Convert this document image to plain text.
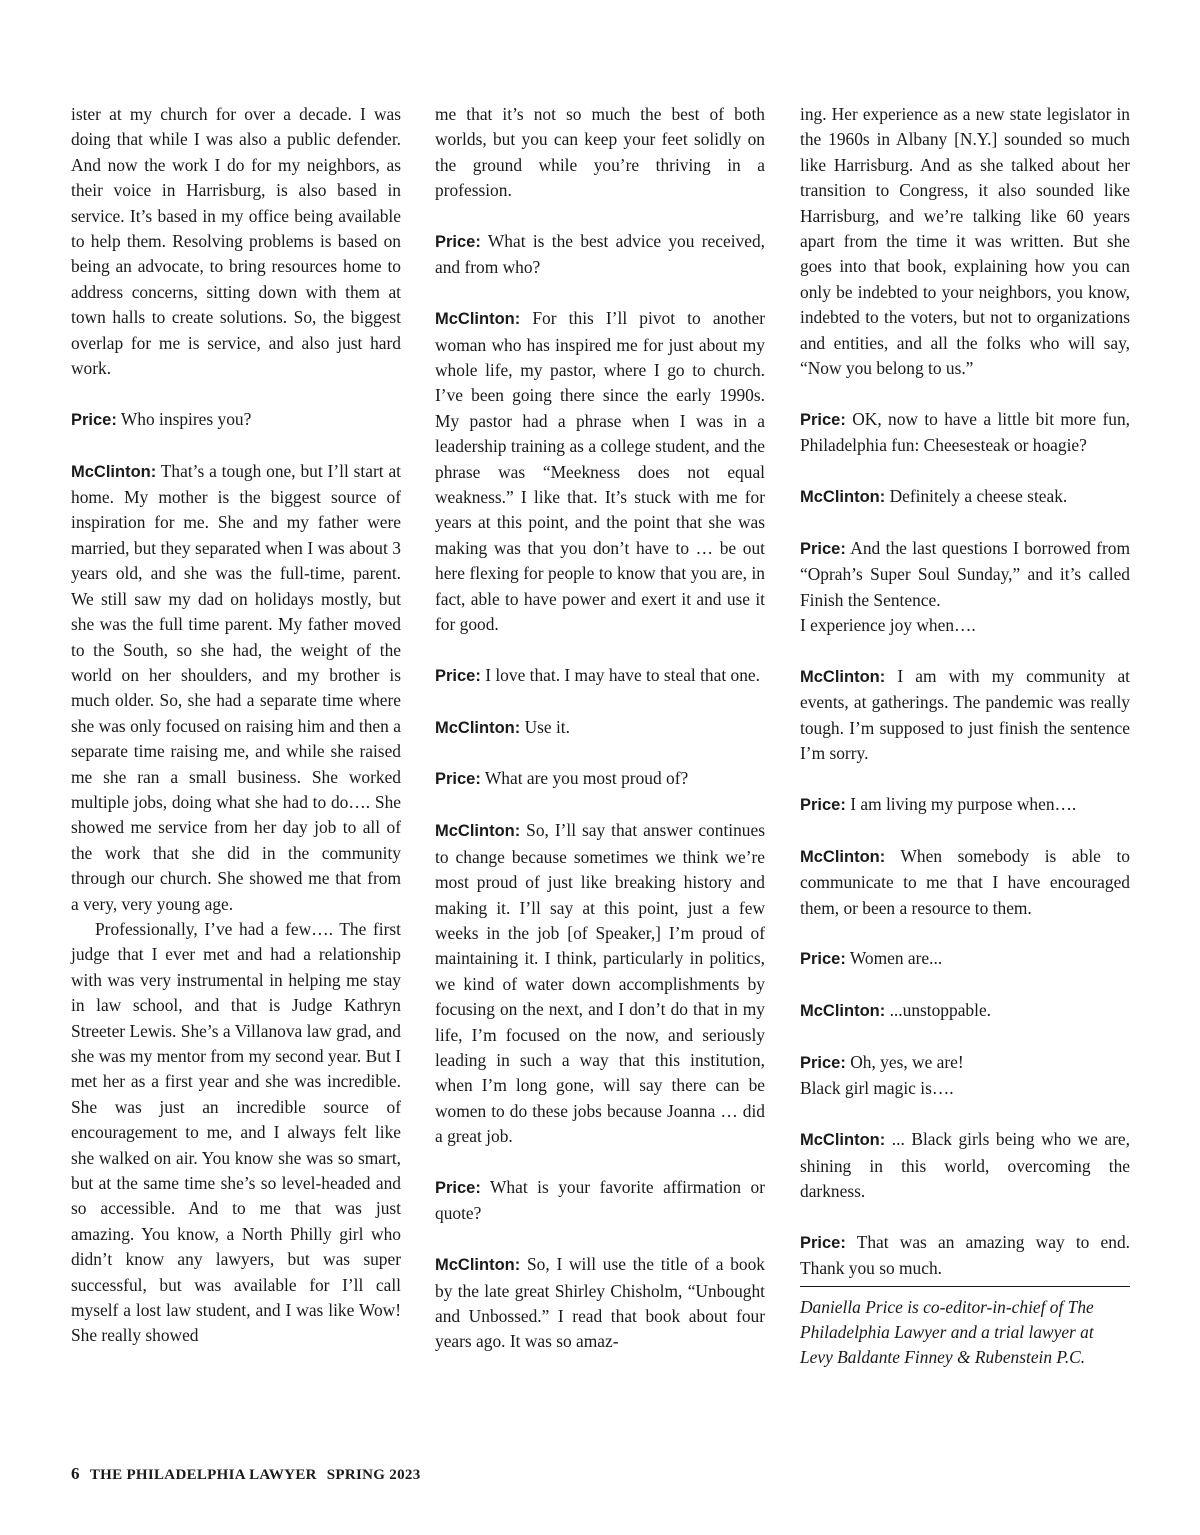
ister at my church for over a decade. I was doing that while I was also a public defender. And now the work I do for my neighbors, as their voice in Harrisburg, is also based in service. It’s based in my office being available to help them. Resolving problems is based on being an advocate, to bring resources home to address concerns, sitting down with them at town halls to create solutions. So, the biggest overlap for me is service, and also just hard work.

Price: Who inspires you?

McClinton: That’s a tough one, but I’ll start at home. My mother is the biggest source of inspiration for me. She and my father were married, but they separated when I was about 3 years old, and she was the full-time, parent. We still saw my dad on holidays mostly, but she was the full time parent. My father moved to the South, so she had, the weight of the world on her shoulders, and my brother is much older. So, she had a separate time where she was only focused on raising him and then a separate time raising me, and while she raised me she ran a small business. She worked multiple jobs, doing what she had to do…. She showed me service from her day job to all of the work that she did in the community through our church. She showed me that from a very, very young age.

Professionally, I’ve had a few…. The first judge that I ever met and had a relationship with was very instrumental in helping me stay in law school, and that is Judge Kathryn Streeter Lewis. She’s a Villanova law grad, and she was my mentor from my second year. But I met her as a first year and she was incredible. She was just an incredible source of encouragement to me, and I always felt like she walked on air. You know she was so smart, but at the same time she’s so level-headed and so accessible. And to me that was just amazing. You know, a North Philly girl who didn’t know any lawyers, but was super successful, but was available for I’ll call myself a lost law student, and I was like Wow! She really showed

me that it’s not so much the best of both worlds, but you can keep your feet solidly on the ground while you’re thriving in a profession.

Price: What is the best advice you received, and from who?

McClinton: For this I’ll pivot to another woman who has inspired me for just about my whole life, my pastor, where I go to church. I’ve been going there since the early 1990s. My pastor had a phrase when I was in a leadership training as a college student, and the phrase was “Meekness does not equal weakness.” I like that. It’s stuck with me for years at this point, and the point that she was making was that you don’t have to … be out here flexing for people to know that you are, in fact, able to have power and exert it and use it for good.

Price: I love that. I may have to steal that one.

McClinton: Use it.

Price: What are you most proud of?

McClinton: So, I’ll say that answer continues to change because sometimes we think we’re most proud of just like breaking history and making it. I’ll say at this point, just a few weeks in the job [of Speaker,] I’m proud of maintaining it. I think, particularly in politics, we kind of water down accomplishments by focusing on the next, and I don’t do that in my life, I’m focused on the now, and seriously leading in such a way that this institution, when I’m long gone, will say there can be women to do these jobs because Joanna … did a great job.

Price: What is your favorite affirmation or quote?

McClinton: So, I will use the title of a book by the late great Shirley Chisholm, “Unbought and Unbossed.” I read that book about four years ago. It was so amaz-

ing. Her experience as a new state legislator in the 1960s in Albany [N.Y.] sounded so much like Harrisburg. And as she talked about her transition to Congress, it also sounded like Harrisburg, and we’re talking like 60 years apart from the time it was written. But she goes into that book, explaining how you can only be indebted to your neighbors, you know, indebted to the voters, but not to organizations and entities, and all the folks who will say, “Now you belong to us.”

Price: OK, now to have a little bit more fun, Philadelphia fun: Cheesesteak or hoagie?

McClinton: Definitely a cheese steak.

Price: And the last questions I borrowed from “Oprah’s Super Soul Sunday,” and it’s called Finish the Sentence.
I experience joy when….

McClinton: I am with my community at events, at gatherings. The pandemic was really tough. I’m supposed to just finish the sentence I’m sorry.

Price: I am living my purpose when….

McClinton: When somebody is able to communicate to me that I have encouraged them, or been a resource to them.

Price: Women are...

McClinton: ...unstoppable.

Price: Oh, yes, we are!
Black girl magic is….

McClinton: ... Black girls being who we are, shining in this world, overcoming the darkness.

Price: That was an amazing way to end. Thank you so much.

Daniella Price is co-editor-in-chief of The Philadelphia Lawyer and a trial lawyer at Levy Baldante Finney & Rubenstein P.C.

6 THE PHILADELPHIA LAWYER SPRING 2023
